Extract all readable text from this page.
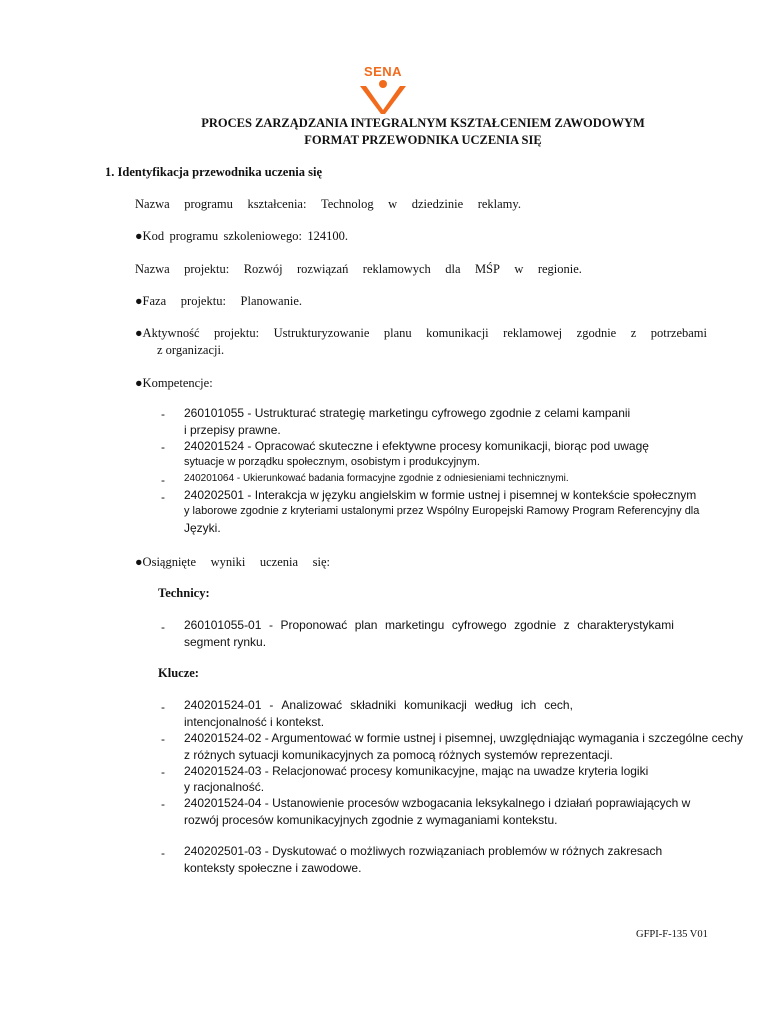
SENA
PROCES ZARZĄDZANIA INTEGRALNYM KSZTAŁCENIEM ZAWODOWYM
FORMAT PRZEWODNIKA UCZENIA SIĘ
1. Identyfikacja przewodnika uczenia się
Nazwa programu kształcenia: Technolog w dziedzinie reklamy.
●Kod programu szkoleniowego: 124100.
Nazwa projektu: Rozwój rozwiązań reklamowych dla MŚP w regionie.
●Faza projektu: Planowanie.
●Aktywność projektu: Ustrukturyzowanie planu komunikacji reklamowej zgodnie z potrzebami
z organizacji.
●Kompetencje:
- 260101055 - Ustrukturać strategię marketingu cyfrowego zgodnie z celami kampanii
i przepisy prawne.
- 240201524 - Opracować skuteczne i efektywne procesy komunikacji, biorąc pod uwagę
sytuacje w porządku społecznym, osobistym i produkcyjnym.
- 240201064 - Ukierunkować badania formacyjne zgodnie z odniesieniami technicznymi.
- 240202501 - Interakcja w języku angielskim w formie ustnej i pisemnej w kontekście społecznym
y laborowe zgodnie z kryteriami ustalonymi przez Wspólny Europejski Ramowy Program Referencyjny dla
Języki.
●Osiągnięte wyniki uczenia się:
Technicy:
- 260101055-01 - Proponować plan marketingu cyfrowego zgodnie z charakterystykami
segment rynku.
Klucze:
- 240201524-01 - Analizować składniki komunikacji według ich cech,
intencjonalność i kontekst.
- 240201524-02 - Argumentować w formie ustnej i pisemnej, uwzględniając wymagania i szczególne cechy
z różnych sytuacji komunikacyjnych za pomocą różnych systemów reprezentacji.
- 240201524-03 - Relacjonować procesy komunikacyjne, mając na uwadze kryteria logiki
y racjonalność.
- 240201524-04 - Ustanowienie procesów wzbogacania leksykalnego i działań poprawiających w
rozwój procesów komunikacyjnych zgodnie z wymaganiami kontekstu.
- 240202501-03 - Dyskutować o możliwych rozwiązaniach problemów w różnych zakresach
konteksty społeczne i zawodowe.
GFPI-F-135 V01
